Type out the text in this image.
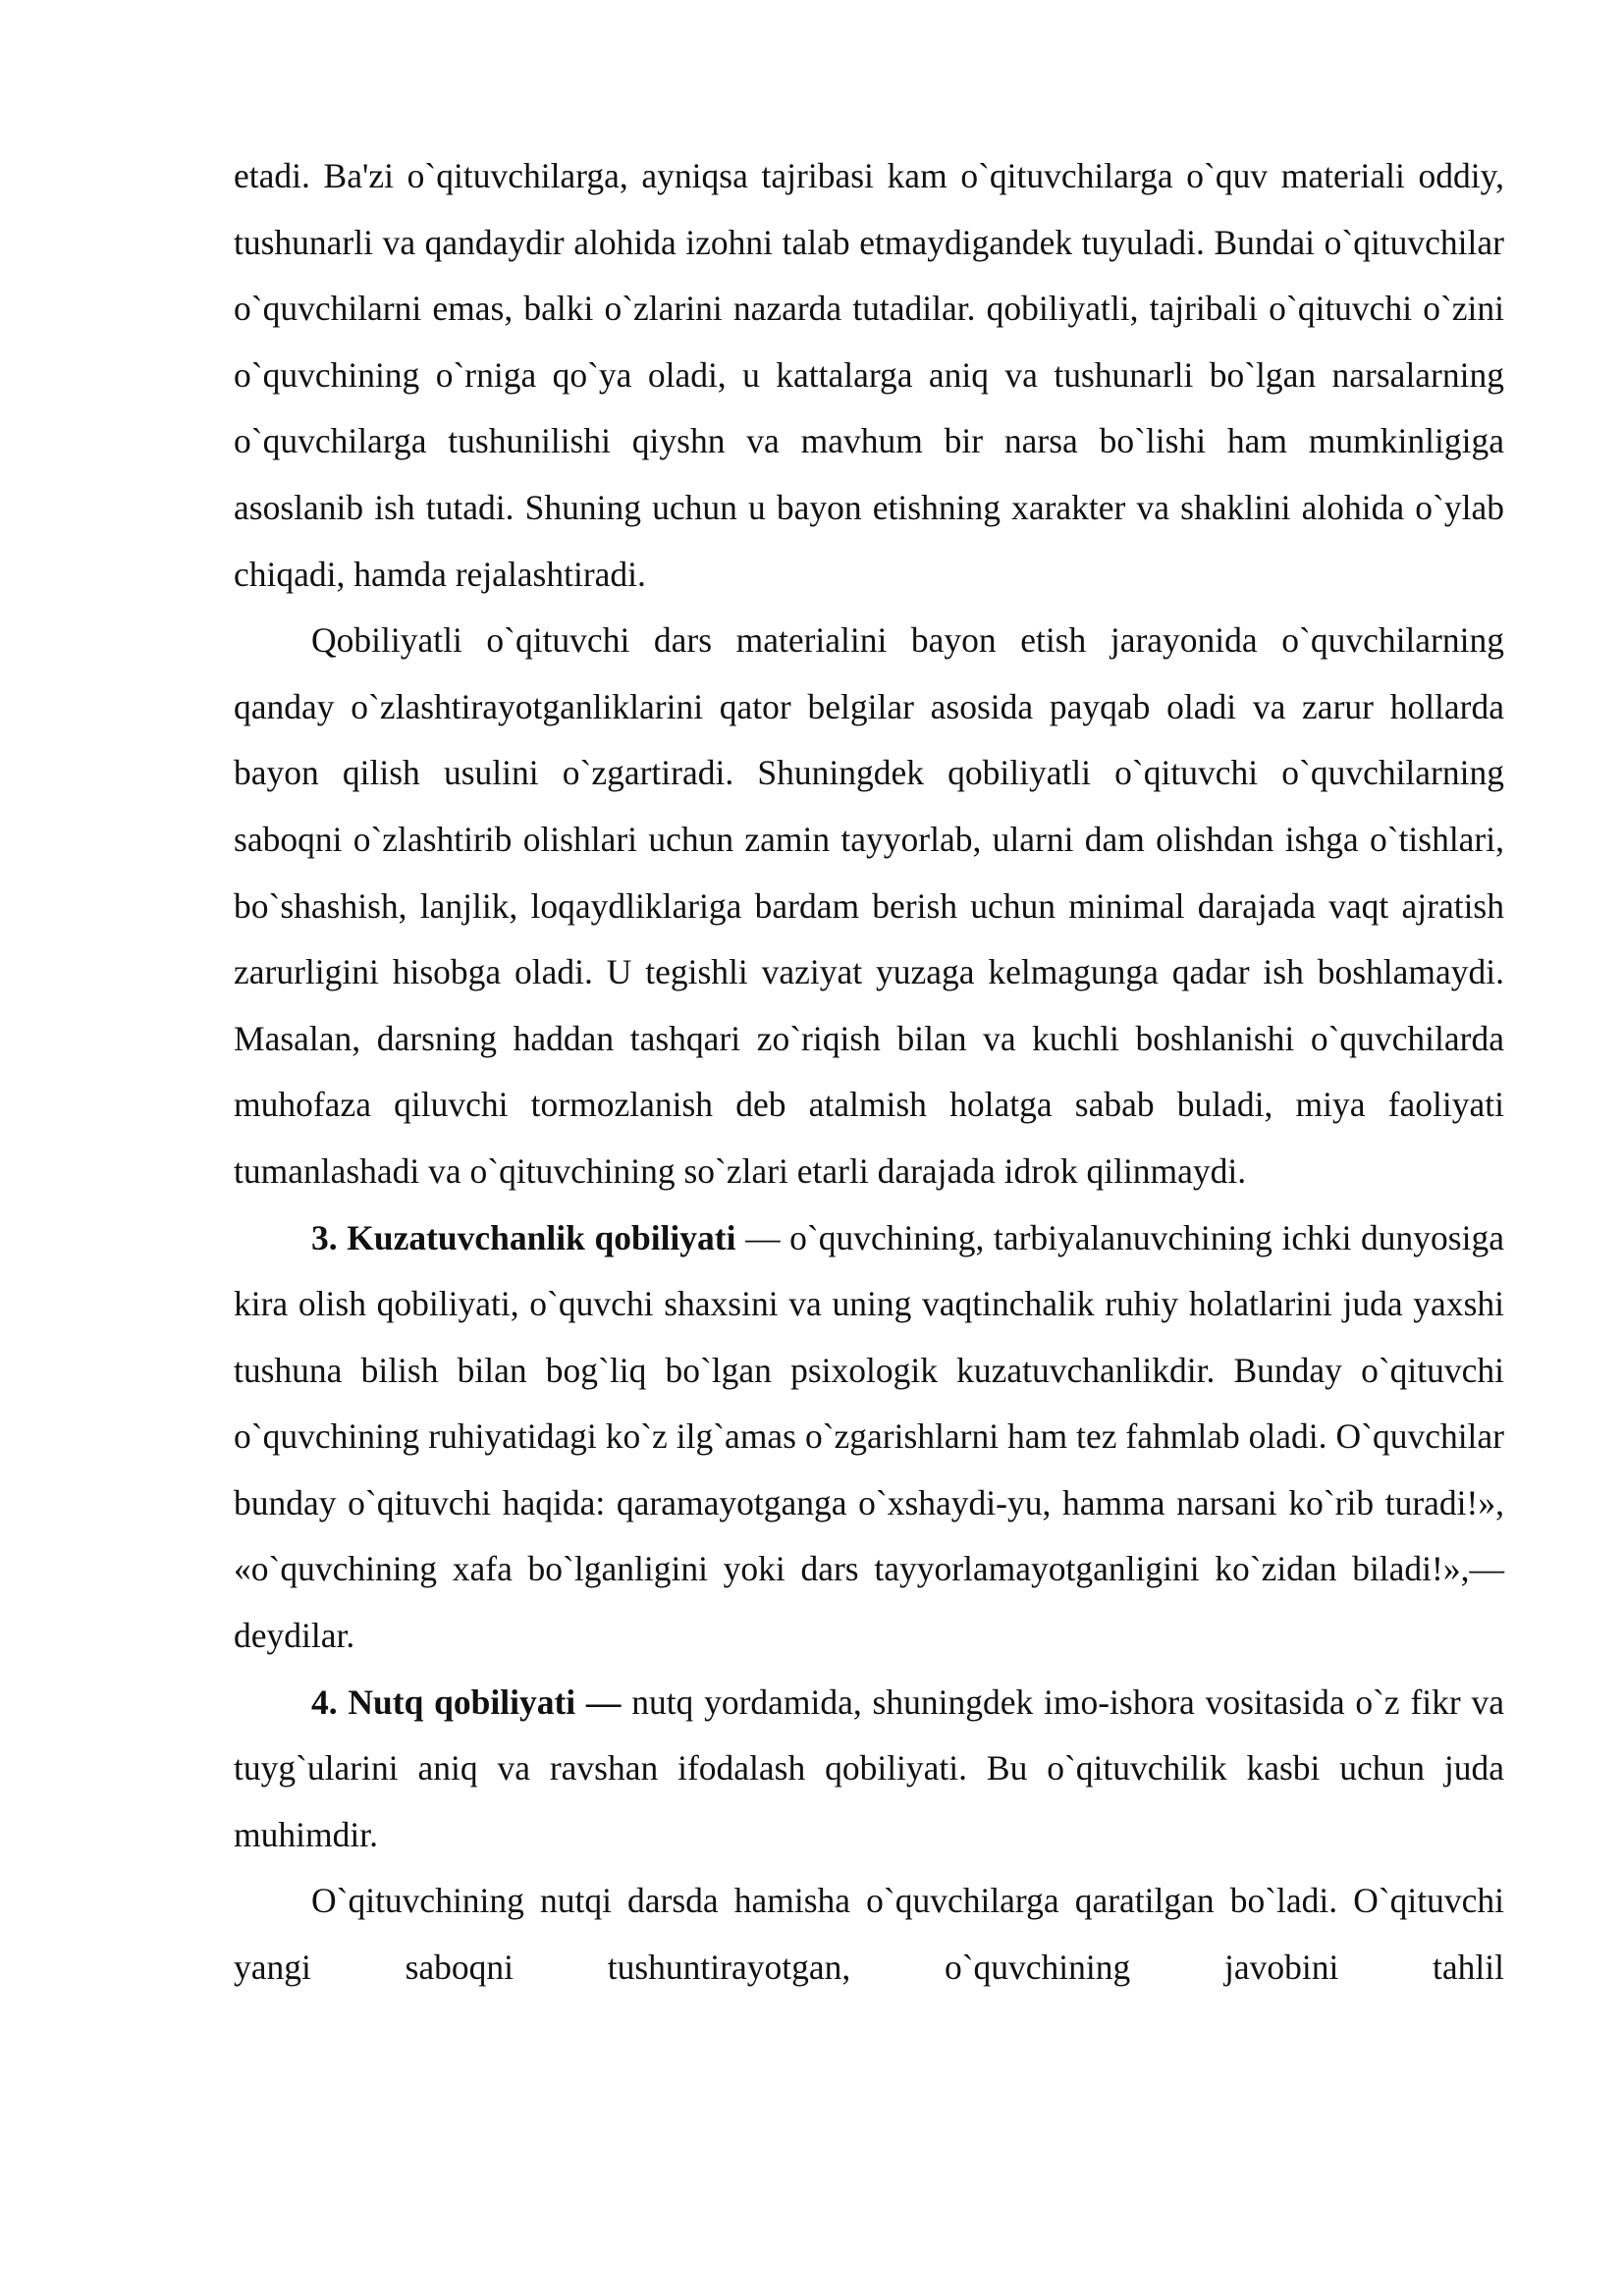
etadi. Ba'zi o`qituvchilarga, ayniqsa tajribasi kam o`qituvchilarga o`quv materiali oddiy, tushunarli va qandaydir alohida izohni talab etmaydigandek tuyuladi. Bundai o`qituvchilar o`quvchilarni emas, balki o`zlarini nazarda tutadilar. qobiliyatli, tajribali o`qituvchi o`zini o`quvchining o`rniga qo`ya oladi, u kattalarga aniq va tushunarli bo`lgan narsalarning o`quvchilarga tushunilishi qiyshn va mavhum bir narsa bo`lishi ham mumkinligiga asoslanib ish tutadi. Shuning uchun u bayon etishning xarakter va shaklini alohida o`ylab chiqadi, hamda rejalashtiradi.

Qobiliyatli o`qituvchi dars materialini bayon etish jarayonida o`quvchilarning qanday o`zlashtirayotganliklarini qator belgilar asosida payqab oladi va zarur hollarda bayon qilish usulini o`zgartiradi. Shuningdek qobiliyatli o`qituvchi o`quvchilarning saboqni o`zlashtirib olishlari uchun zamin tayyorlab, ularni dam olishdan ishga o`tishlari, bo`shashish, lanjlik, loqaydliklariga bardam berish uchun minimal darajada vaqt ajratish zarurligini hisobga oladi. U tegishli vaziyat yuzaga kelmagunga qadar ish boshlamaydi. Masalan, darsning haddan tashqari zo`riqish bilan va kuchli boshlanishi o`quvchilarda muhofaza qiluvchi tormozlanish deb atalmish holatga sabab buladi, miya faoliyati tumanlashadi va o`qituvchining so`zlari etarli darajada idrok qilinmaydi.

3. Kuzatuvchanlik qobiliyati — o`quvchining, tarbiyalanuvchining ichki dunyosiga kira olish qobiliyati, o`quvchi shaxsini va uning vaqtinchalik ruhiy holatlarini juda yaxshi tushuna bilish bilan bog`liq bo`lgan psixologik kuzatuvchanlikdir. Bunday o`qituvchi o`quvchining ruhiyatidagi ko`z ilg`amas o`zgarishlarni ham tez fahmlab oladi. O`quvchilar bunday o`qituvchi haqida: qaramayotganga o`xshaydi-yu, hamma narsani ko`rib turadi!», «o`quvchining xafa bo`lganligini yoki dars tayyorlamayotganligini ko`zidan biladi!»,— deydilar.

4. Nutq qobiliyati — nutq yordamida, shuningdek imo-ishora vositasida o`z fikr va tuyg`ularini aniq va ravshan ifodalash qobiliyati. Bu o`qituvchilik kasbi uchun juda muhimdir.

O`qituvchining nutqi darsda hamisha o`quvchilarga qaratilgan bo`ladi. O`qituvchi yangi saboqni tushuntirayotgan, o`quvchining javobini tahlil
